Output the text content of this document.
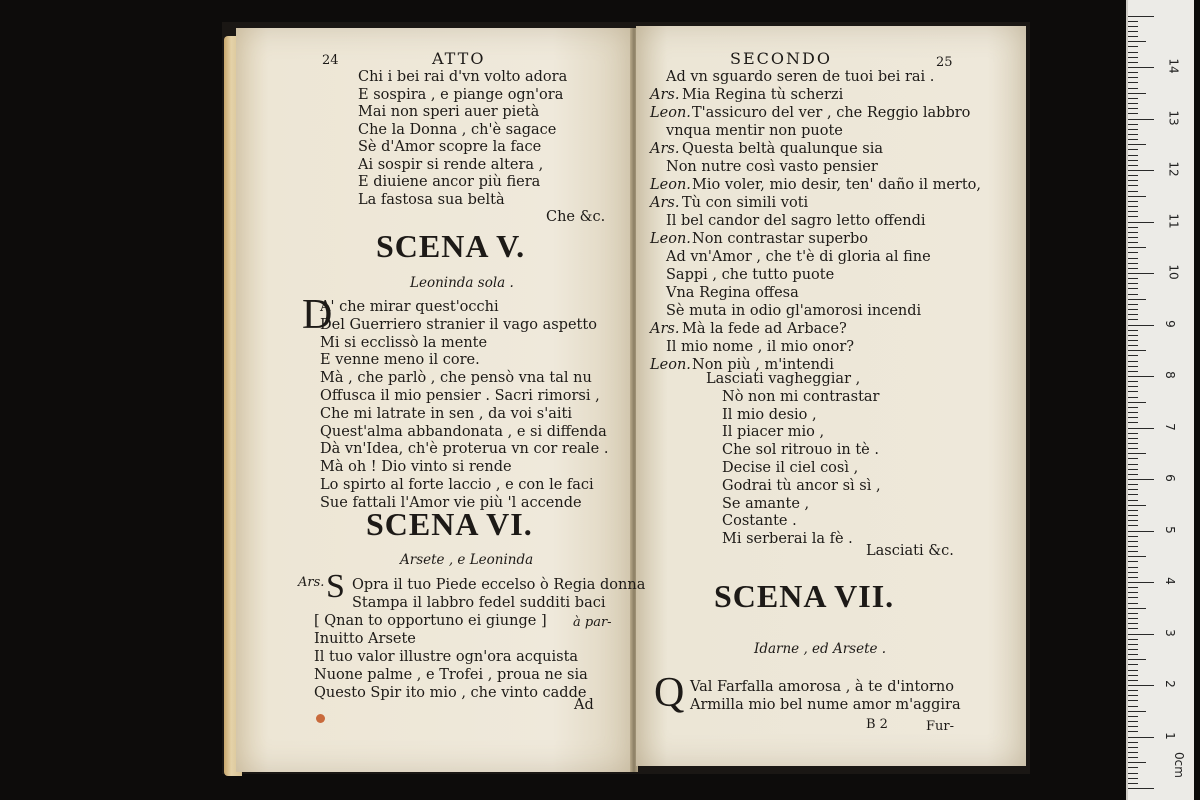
24	ATTO
Chi i bei rai d'vn volto adora
E sospira , e piange ogn'ora
Mai non speri auer pietà
Che la Donna , ch'è sagace
Sè d'Amor scopre la face
Ai sospir si rende altera ,
E diuiene ancor più fiera
La fastosa sua beltà
Che &c.
SCENA V.
Leoninda sola .
D
A' che mirar quest'occhi
Del Guerriero stranier il vago aspetto
Mi si ecclissò la mente
E venne meno il core.
Mà , che parlò , che pensò vna tal nu
Offusca il mio pensier . Sacri rimorsi ,
Che mi latrate in sen , da voi s'aiti
Quest'alma abbandonata , e si diffenda
Dà vn'Idea, ch'è proterua vn cor reale .
Mà oh ! Dio vinto si rende
Lo spirto al forte laccio , e con le faci
Sue fattali l'Amor vie più 'l accende
SCENA VI.
Arsete , e Leoninda
Ars. S Opra il tuo Piede eccelso ò Regia donna
Stampa il labbro fedel sudditi baci
[ Qnan to opportuno ei giunge ]
Inuitto Arsete
Il tuo valor illustre ogn'ora acquista
Nuone palme , e Trofei , proua ne sia
Questo Spir ito mio , che vinto cadde
à par-
Ad
SECONDO	25
Ad vn sguardo seren de tuoi bei rai .
Ars. Mia Regina tù scherzi
Leon. T'assicuro del ver , che Reggio labbro
vnqua mentir non puote
Ars. Questa beltà qualunque sia
Non nutre così vasto pensier
Leon. Mio voler, mio desir, ten' daño il merto,
Ars. Tù con simili voti
Il bel candor del sagro letto offendi
Leon. Non contrastar superbo
Ad vn'Amor , che t'è di gloria al fine
Sappi , che tutto puote
Vna Regina offesa
Sè muta in odio gl'amorosi incendi
Ars. Mà la fede ad Arbace?
Il mio nome , il mio onor?
Leon. Non più , m'intendi
Lasciati vagheggiar ,
Nò non mi contrastar
Il mio desio ,
Il piacer mio ,
Che sol ritrouo in tè .
Decise il ciel così ,
Godrai tù ancor sì sì ,
Se amante ,
Costante .
Mi serberai la fè .
Lasciati &c.
SCENA VII.
Idarne , ed Arsete .
Q Val Farfalla amorosa , à te d'intorno
Armilla mio bel nume amor m'aggira
B 2	Fur-
0cm
1
2
3
4
5
6
7
8
9
10
11
12
13
14
